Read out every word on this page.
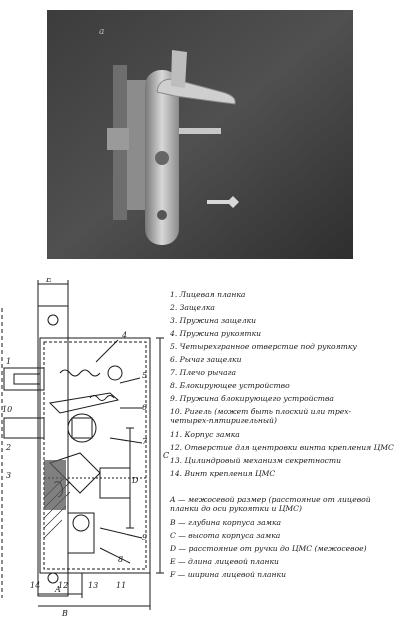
а
E
4
5
6
7
8
9
10
11
12 13
14
C
D
A
B
1
2
3
1. Лицевая планка
2. Защелка
3. Пружина защелки
4. Пружина рукоятки
5. Четырехгранное отверстие под рукоятку
6. Рычаг защелки
7. Плечо рычага
8. Блокирующее устройство
9. Пружина блокирующего устройства
10. Ригель (может быть плоский или трех-четырех-пятиригельный)
11. Корпус замка
12. Отверстие для центровки винта крепления ЦМС
13. Цилиндровый механизм секретности
14. Винт крепления ЦМС
A — межосевой размер (расстояние от лицевой планки до оси рукоятки и ЦМС)
B — глубина корпуса замка
C — высота корпуса замка
D — расстояние от ручки до ЦМС (межосевое)
E — длина лицевой планки
F — ширина лицевой планки
